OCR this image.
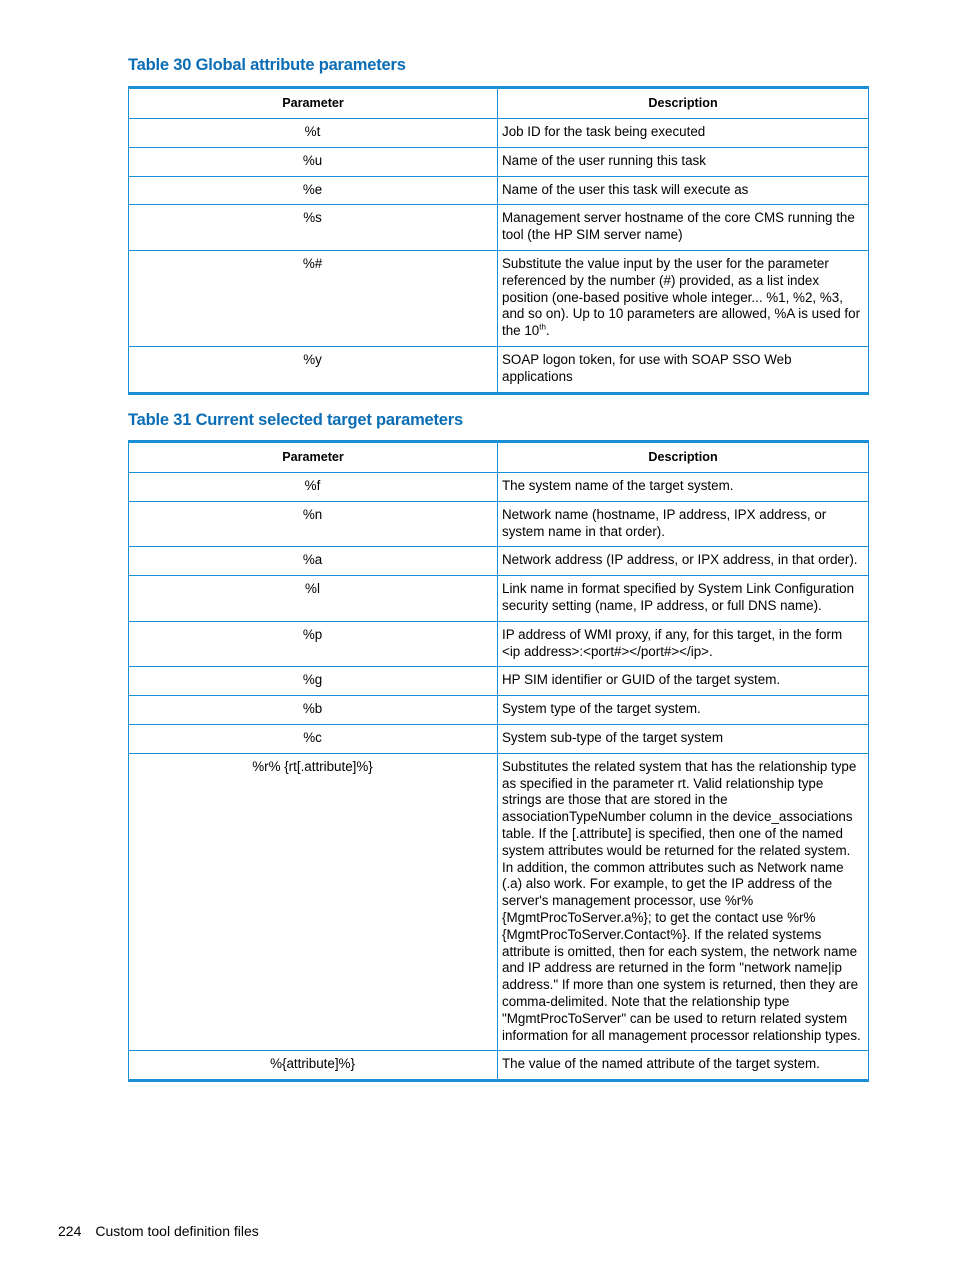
Table 30 Global attribute parameters
Parameter	Description
%t	Job ID for the task being executed
%u	Name of the user running this task
%e	Name of the user this task will execute as
%s	Management server hostname of the core CMS running the tool (the HP SIM server name)
%#	Substitute the value input by the user for the parameter referenced by the number (#) provided, as a list index position (one-based positive whole integer... %1, %2, %3, and so on). Up to 10 parameters are allowed, %A is used for the 10th.
%y	SOAP logon token, for use with SOAP SSO Web applications
Table 31 Current selected target parameters
Parameter	Description
%f	The system name of the target system.
%n	Network name (hostname, IP address, IPX address, or system name in that order).
%a	Network address (IP address, or IPX address, in that order).
%l	Link name in format specified by System Link Configuration security setting (name, IP address, or full DNS name).
%p	IP address of WMI proxy, if any, for this target, in the form <ip address>:<port#></port#></ip>.
%g	HP SIM identifier or GUID of the target system.
%b	System type of the target system.
%c	System sub-type of the target system
%r% {rt[.attribute]%}	Substitutes the related system that has the relationship type as specified in the parameter rt. Valid relationship type strings are those that are stored in the associationTypeNumber column in the device_associations table. If the [.attribute] is specified, then one of the named system attributes would be returned for the related system. In addition, the common attributes such as Network name (.a) also work. For example, to get the IP address of the server's management processor, use %r%{MgmtProcToServer.a%}; to get the contact use %r%{MgmtProcToServer.Contact%}. If the related systems attribute is omitted, then for each system, the network name and IP address are returned in the form "network name|ip address." If more than one system is returned, then they are comma-delimited. Note that the relationship type "MgmtProcToServer" can be used to return related system information for all management processor relationship types.
%{attribute]%}	The value of the named attribute of the target system.
224 Custom tool definition files
